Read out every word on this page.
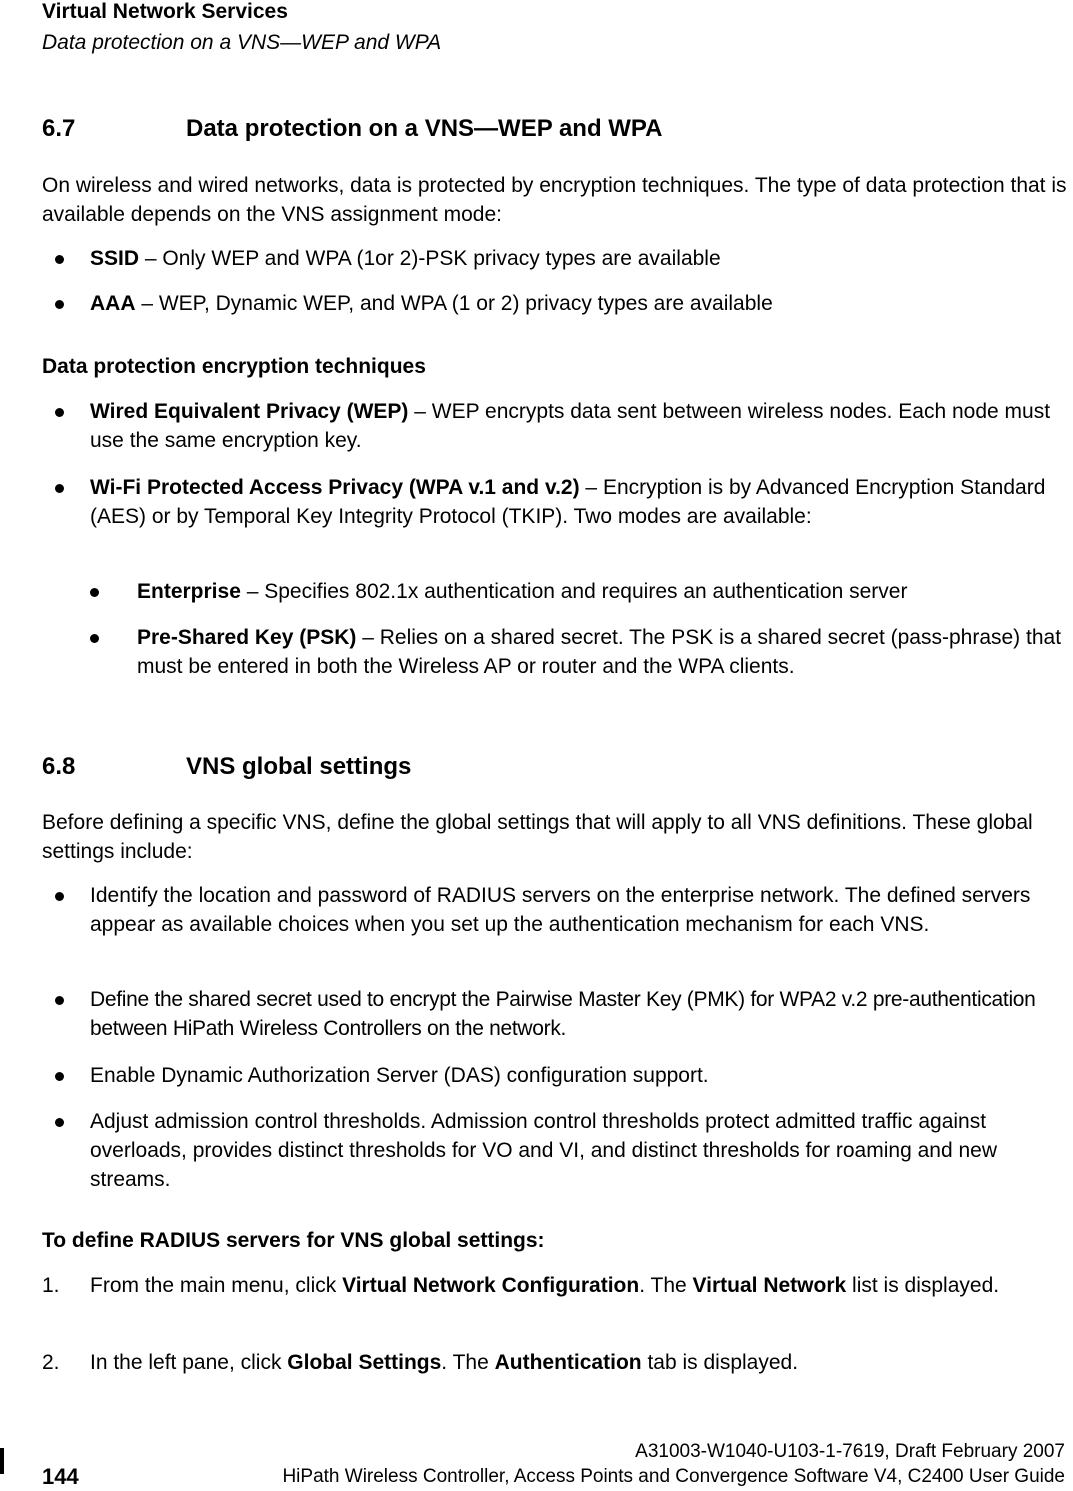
Virtual Network Services
Data protection on a VNS—WEP and WPA
6.7	Data protection on a VNS—WEP and WPA
On wireless and wired networks, data is protected by encryption techniques. The type of data protection that is available depends on the VNS assignment mode:
SSID – Only WEP and WPA (1or 2)-PSK privacy types are available
AAA – WEP, Dynamic WEP, and WPA (1 or 2) privacy types are available
Data protection encryption techniques
Wired Equivalent Privacy (WEP) – WEP encrypts data sent between wireless nodes. Each node must use the same encryption key.
Wi-Fi Protected Access Privacy (WPA v.1 and v.2) – Encryption is by Advanced Encryption Standard (AES) or by Temporal Key Integrity Protocol (TKIP). Two modes are available:
Enterprise – Specifies 802.1x authentication and requires an authentication server
Pre-Shared Key (PSK) – Relies on a shared secret. The PSK is a shared secret (pass-phrase) that must be entered in both the Wireless AP or router and the WPA clients.
6.8	VNS global settings
Before defining a specific VNS, define the global settings that will apply to all VNS definitions. These global settings include:
Identify the location and password of RADIUS servers on the enterprise network. The defined servers appear as available choices when you set up the authentication mechanism for each VNS.
Define the shared secret used to encrypt the Pairwise Master Key (PMK) for WPA2 v.2 pre-authentication between HiPath Wireless Controllers on the network.
Enable Dynamic Authorization Server (DAS) configuration support.
Adjust admission control thresholds. Admission control thresholds protect admitted traffic against overloads, provides distinct thresholds for VO and VI, and distinct thresholds for roaming and new streams.
To define RADIUS servers for VNS global settings:
1. From the main menu, click Virtual Network Configuration. The Virtual Network list is displayed.
2. In the left pane, click Global Settings. The Authentication tab is displayed.
A31003-W1040-U103-1-7619, Draft February 2007
144	HiPath Wireless Controller, Access Points and Convergence Software V4, C2400 User Guide
